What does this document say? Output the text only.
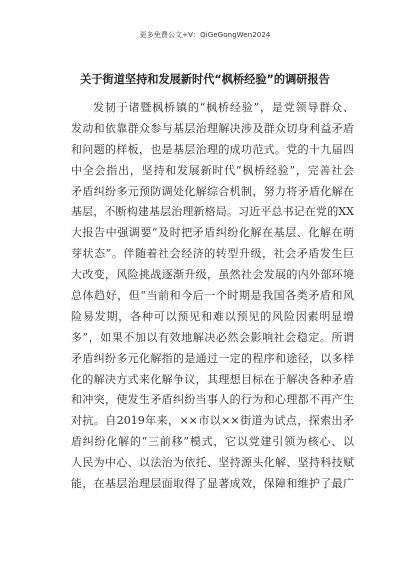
更多免费公文+V：QiGeGongWen2024
关于街道坚持和发展新时代“枫桥经验”的调研报告
发韧于诸暨枫桥镇的“枫桥经验”，是党领导群众、
发动和依靠群众参与基层治理解决涉及群众切身利益矛盾
和问题的样板，也是基层治理的成功范式。党的十九届四
中全会指出，坚持和发展新时代“枫桥经验”，完善社会
矛盾纠纷多元预防调处化解综合机制，努力将矛盾化解在
基层，不断构建基层治理新格局。习近平总书记在党的XX
大报告中强调要“及时把矛盾纠纷化解在基层、化解在萌
芽状态”。伴随着社会经济的转型升级，社会矛盾发生巨
大改变，风险挑战逐渐升级，虽然社会发展的内外部环境
总体趋好，但“当前和今后一个时期是我国各类矛盾和风
险易发期，各种可以预见和难以预见的风险因素明显增
多”，如果不加以有效地解决必然会影响社会稳定。所谓
矛盾纠纷多元化解指的是通过一定的程序和途径，以多样
化的解决方式来化解争议，其理想目标在于解决各种矛盾
和冲突，使发生矛盾纠纷当事人的行为和心理都不再产生
对抗。自2019年来，××市以××街道为试点，探索出矛
盾纠纷化解的“三前移”模式，它以党建引领为核心、以
人民为中心、以法治为依托、坚持源头化解、坚持科技赋
能，在基层治理层面取得了显著成效，保障和维护了最广
